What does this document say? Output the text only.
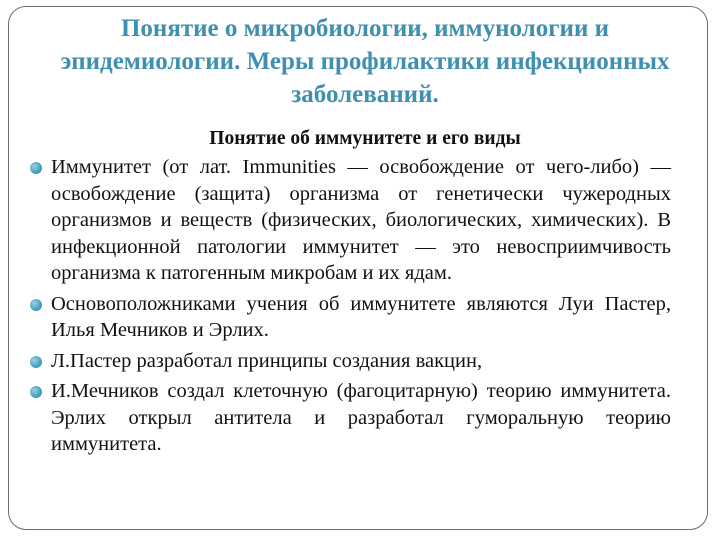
Понятие о микробиологии, иммунологии и эпидемиологии. Меры профилактики инфекционных заболеваний.
Понятие об иммунитете и его виды
Иммунитет (от лат. Immunities — освобождение от чего-либо) — освобождение (защита) организма от генетически чужеродных организмов и веществ (физических, биологических, химических). В инфекционной патологии иммунитет — это невосприимчивость организма к патогенным микробам и их ядам.
Основоположниками учения об иммунитете являются Луи Пастер, Илья Мечников и Эрлих.
Л.Пастер разработал принципы создания вакцин,
И.Мечников создал клеточную (фагоцитарную) теорию иммунитета. Эрлих открыл антитела и разработал гуморальную теорию иммунитета.
